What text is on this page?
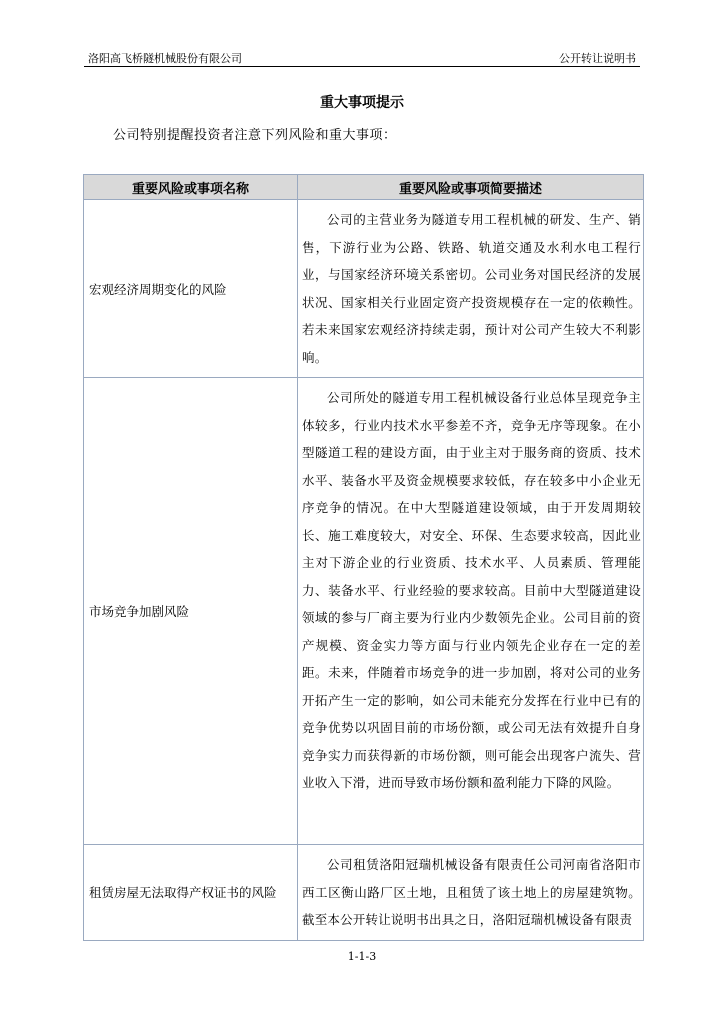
洛阳高飞桥隧机械股份有限公司	公开转让说明书
重大事项提示
公司特别提醒投资者注意下列风险和重大事项：
重要风险或事项名称	重要风险或事项简要描述
宏观经济周期变化的风险	公司的主营业务为隧道专用工程机械的研发、生产、销售，下游行业为公路、铁路、轨道交通及水利水电工程行业，与国家经济环境关系密切。公司业务对国民经济的发展状况、国家相关行业固定资产投资规模存在一定的依赖性。若未来国家宏观经济持续走弱，预计对公司产生较大不利影响。

市场竞争加剧风险	公司所处的隧道专用工程机械设备行业总体呈现竞争主体较多，行业内技术水平参差不齐，竞争无序等现象。在小型隧道工程的建设方面，由于业主对于服务商的资质、技术水平、装备水平及资金规模要求较低，存在较多中小企业无序竞争的情况。在中大型隧道建设领域，由于开发周期较长、施工难度较大，对安全、环保、生态要求较高，因此业主对下游企业的行业资质、技术水平、人员素质、管理能力、装备水平、行业经验的要求较高。目前中大型隧道建设领域的参与厂商主要为行业内少数领先企业。公司目前的资产规模、资金实力等方面与行业内领先企业存在一定的差距。未来，伴随着市场竞争的进一步加剧，将对公司的业务开拓产生一定的影响，如公司未能充分发挥在行业中已有的竞争优势以巩固目前的市场份额，或公司无法有效提升自身竞争实力而获得新的市场份额，则可能会出现客户流失、营业收入下滑，进而导致市场份额和盈利能力下降的风险。

租赁房屋无法取得产权证书的风险	公司租赁洛阳冠瑞机械设备有限责任公司河南省洛阳市西工区衡山路厂区土地，且租赁了该土地上的房屋建筑物。截至本公开转让说明书出具之日，洛阳冠瑞机械设备有限责

1-1-3
